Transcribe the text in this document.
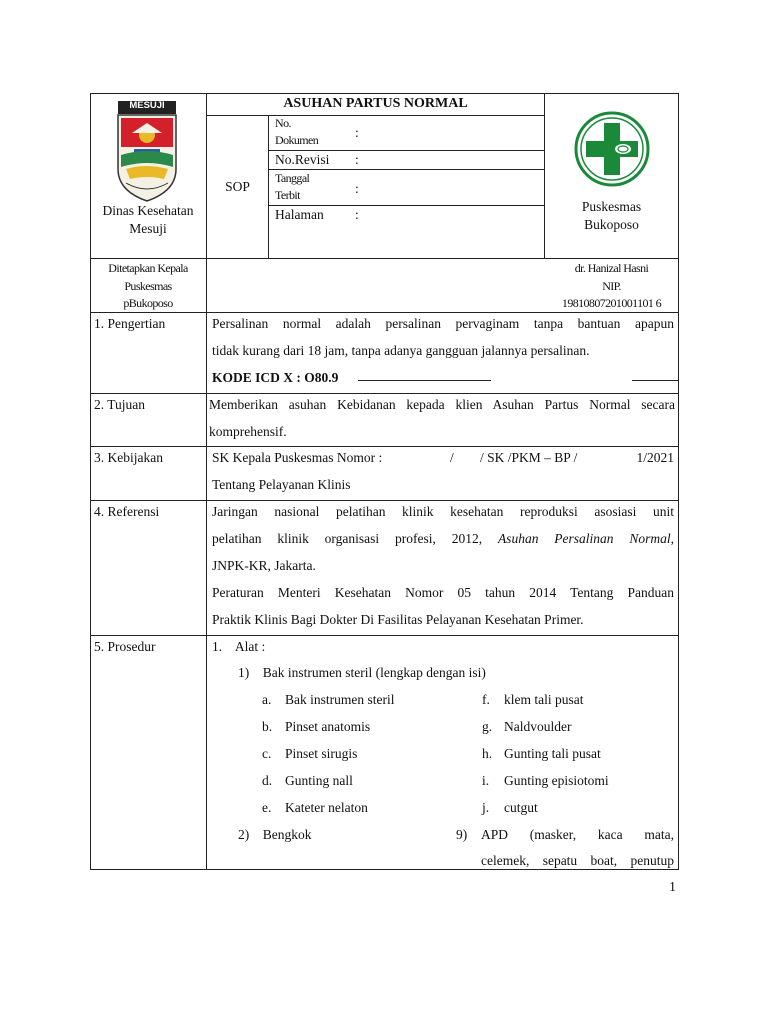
MESUJI
Dinas Kesehatan
Mesuji
ASUHAN PARTUS NORMAL
SOP
No.
Dokumen	:
No.Revisi :
Tanggal
Terbit	:
Halaman :
Puskesmas
Bukoposo
Ditetapkan Kepala
Puskesmas
pBukoposo
dr. Hanizal Hasni
NIP.
19810807201001101 6
1. Pengertian	Persalinan normal adalah persalinan pervaginam tanpa bantuan apapun
tidak kurang dari 18 jam, tanpa adanya gangguan jalannya persalinan.
KODE ICD X : O80.9
2. Tujuan	Memberikan asuhan Kebidanan kepada klien Asuhan Partus Normal secara
komprehensif.
3. Kebijakan	SK Kepala Puskesmas Nomor :	/ / SK /PKM – BP /	1/2021
Tentang Pelayanan Klinis
4. Referensi	Jaringan nasional pelatihan klinik kesehatan reproduksi asosiasi unit
pelatihan klinik organisasi profesi, 2012, Asuhan Persalinan Normal,
JNPK-KR, Jakarta.
Peraturan Menteri Kesehatan Nomor 05 tahun 2014 Tentang Panduan
Praktik Klinis Bagi Dokter Di Fasilitas Pelayanan Kesehatan Primer.
5. Prosedur	1.    Alat :
1)    Bak instrumen steril (lengkap dengan isi)
a. Bak instrumen steril
b. Pinset anatomis
c. Pinset sirugis
d. Gunting nall
e. Kateter nelaton
f. klem tali pusat
g. Naldvoulder
h. Gunting tali pusat
i. Gunting episiotomi
j. cutgut
2)    Bengkok	9) APD    (masker,    kaca    mata,
celemek, sepatu boat, penutup
1
